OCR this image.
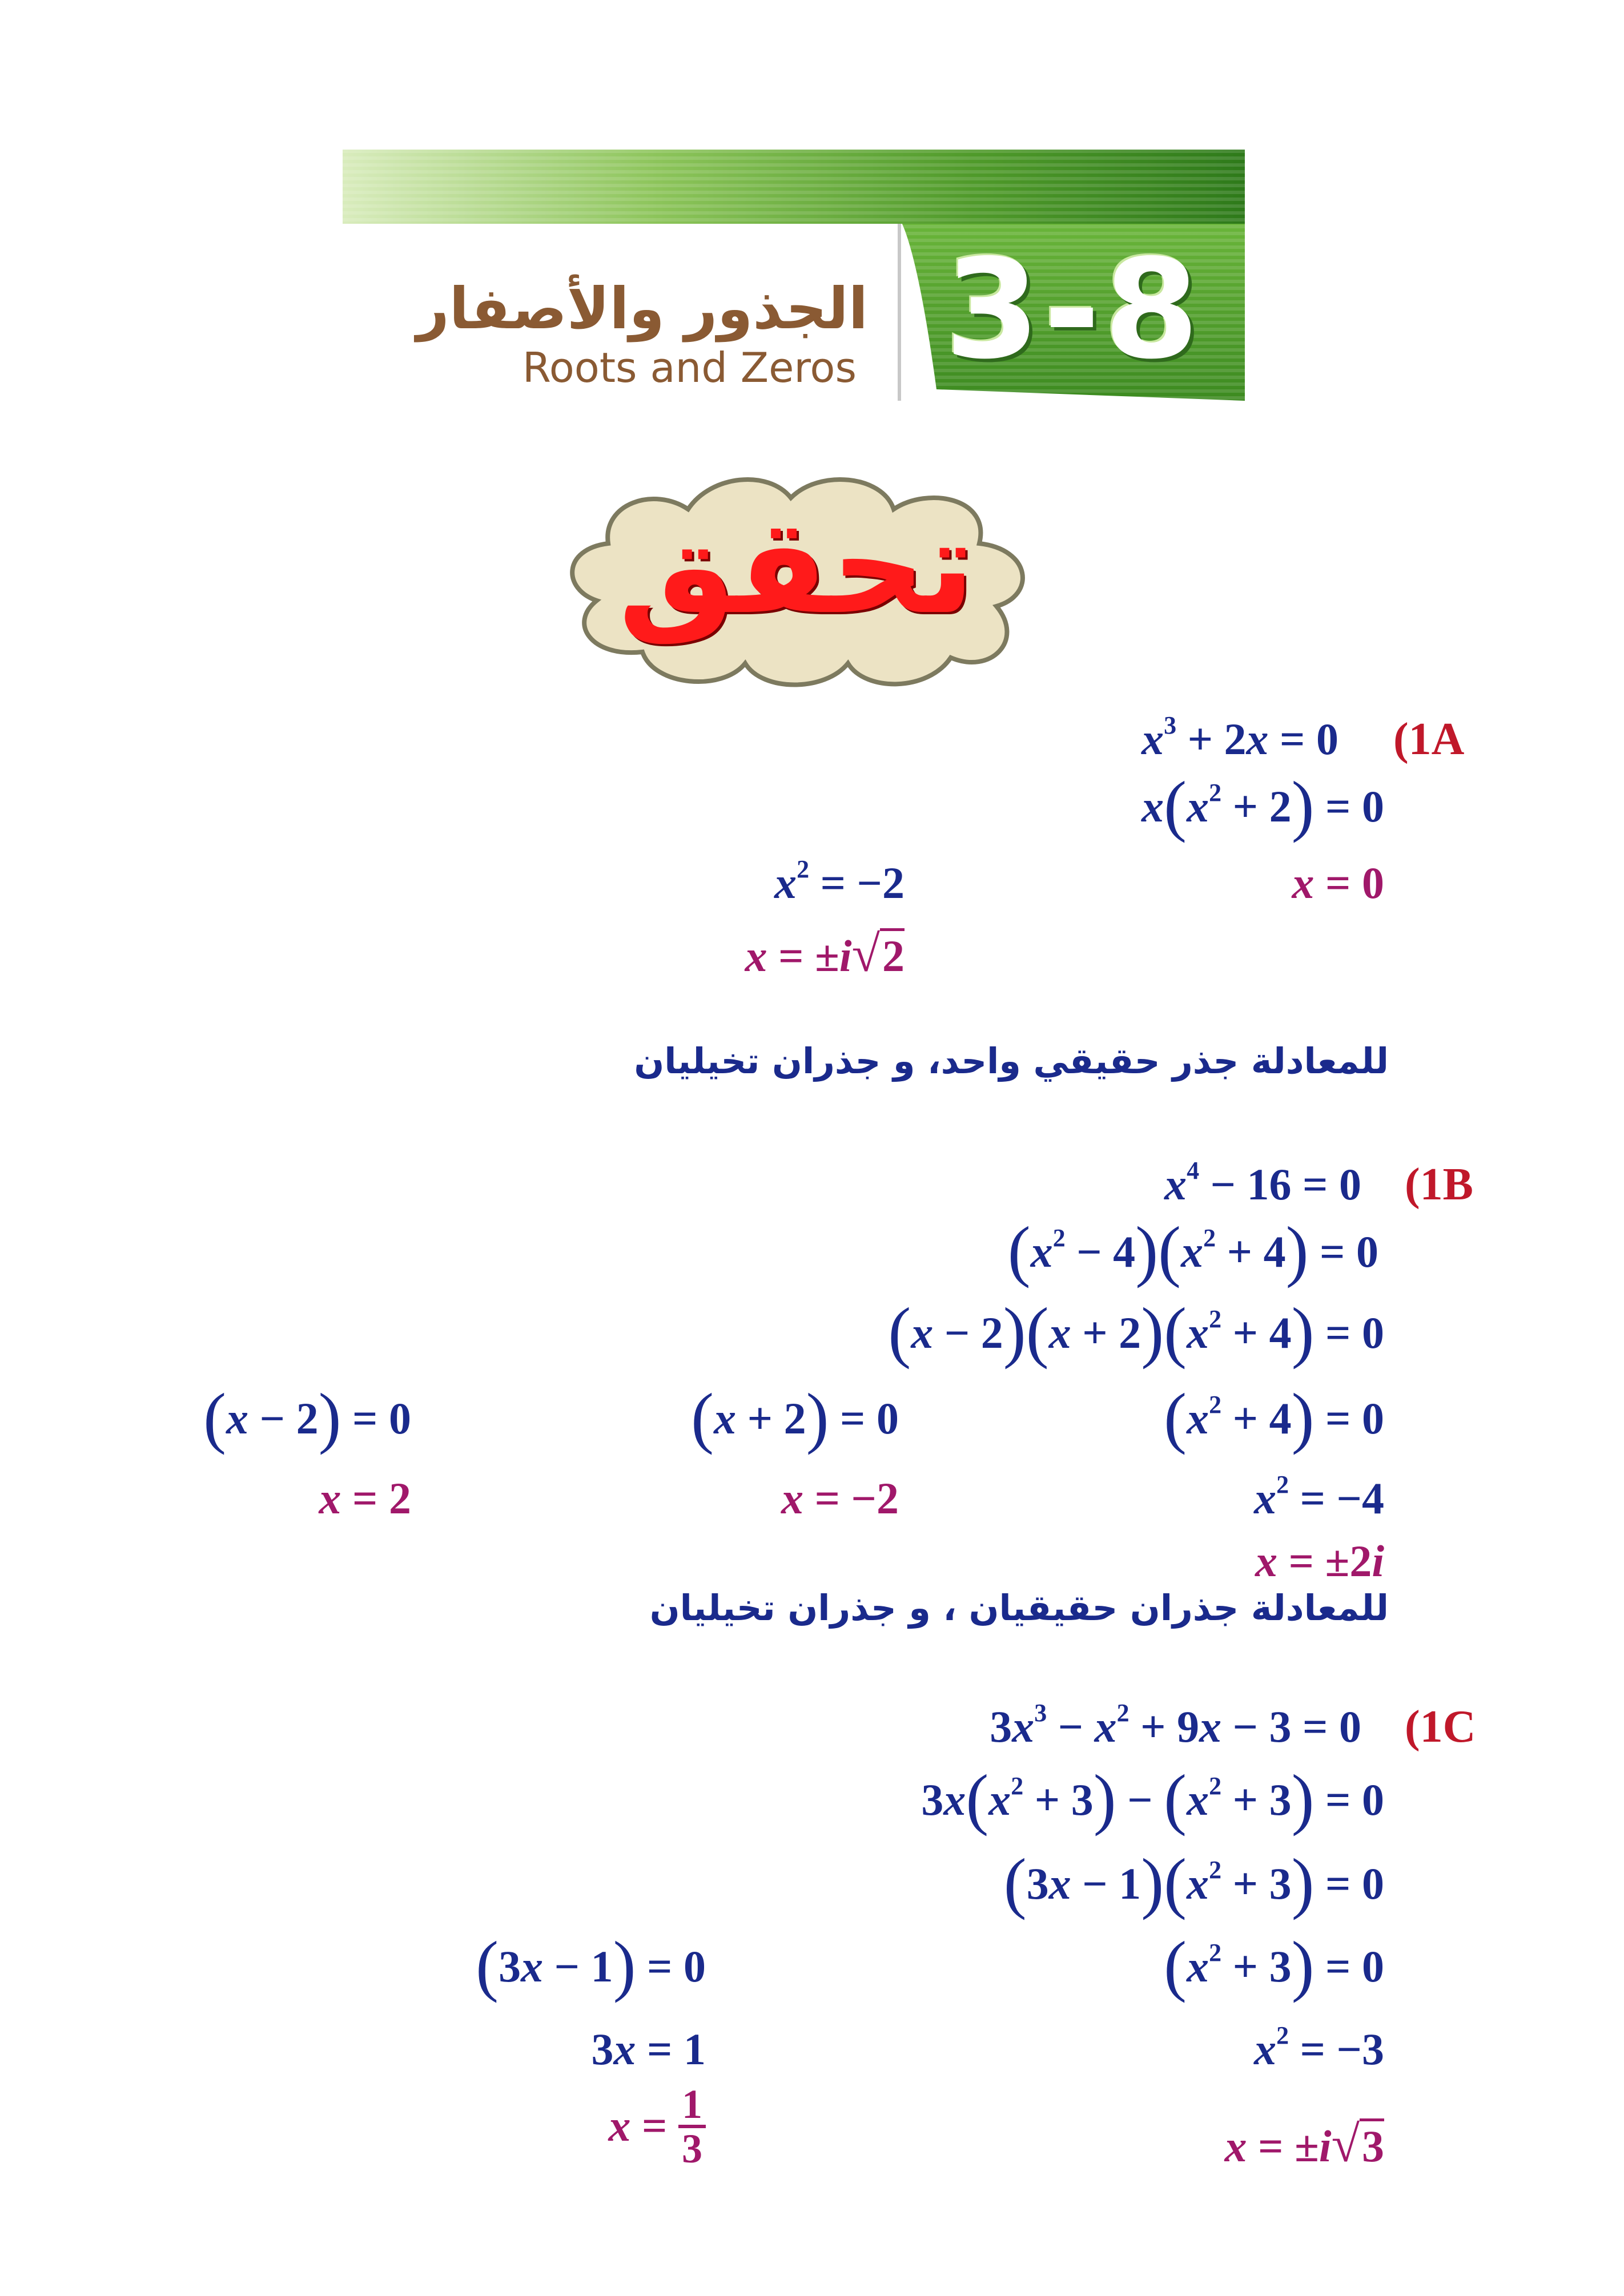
الجذور والأصفار
Roots and Zeros 3-8
تحقق
(1A
$x^3 + 2x = 0$
$x(x^2 + 2) = 0$
$x^2 = -2$
x = ±i√2
x = 0
للمعادلة جذر حقيقي واحد، و جذران تخيليان
(1B
$x^4 - 16 = 0$
$(x^2 - 4)(x^2 + 4) = 0$
$(x - 2)(x + 2)(x^2 + 4) = 0$
$(x^2 + 4) = 0$
$x^2 = -4$
x = ±2i
(x + 2) = 0
x = −2
(x − 2) = 0
x = 2
للمعادلة جذران حقيقيان ، و جذران تخيليان
(1C
$3x^3 - x^2 + 9x - 3 = 0$
$3x(x^2 + 3) - (x^2 + 3) = 0$
$(3x - 1)(x^2 + 3) = 0$
$(x^2 + 3) = 0$
$x^2 = -3$
x = ±i√3
(3x − 1) = 0
3x = 1
$x = \frac{1}{3}$
